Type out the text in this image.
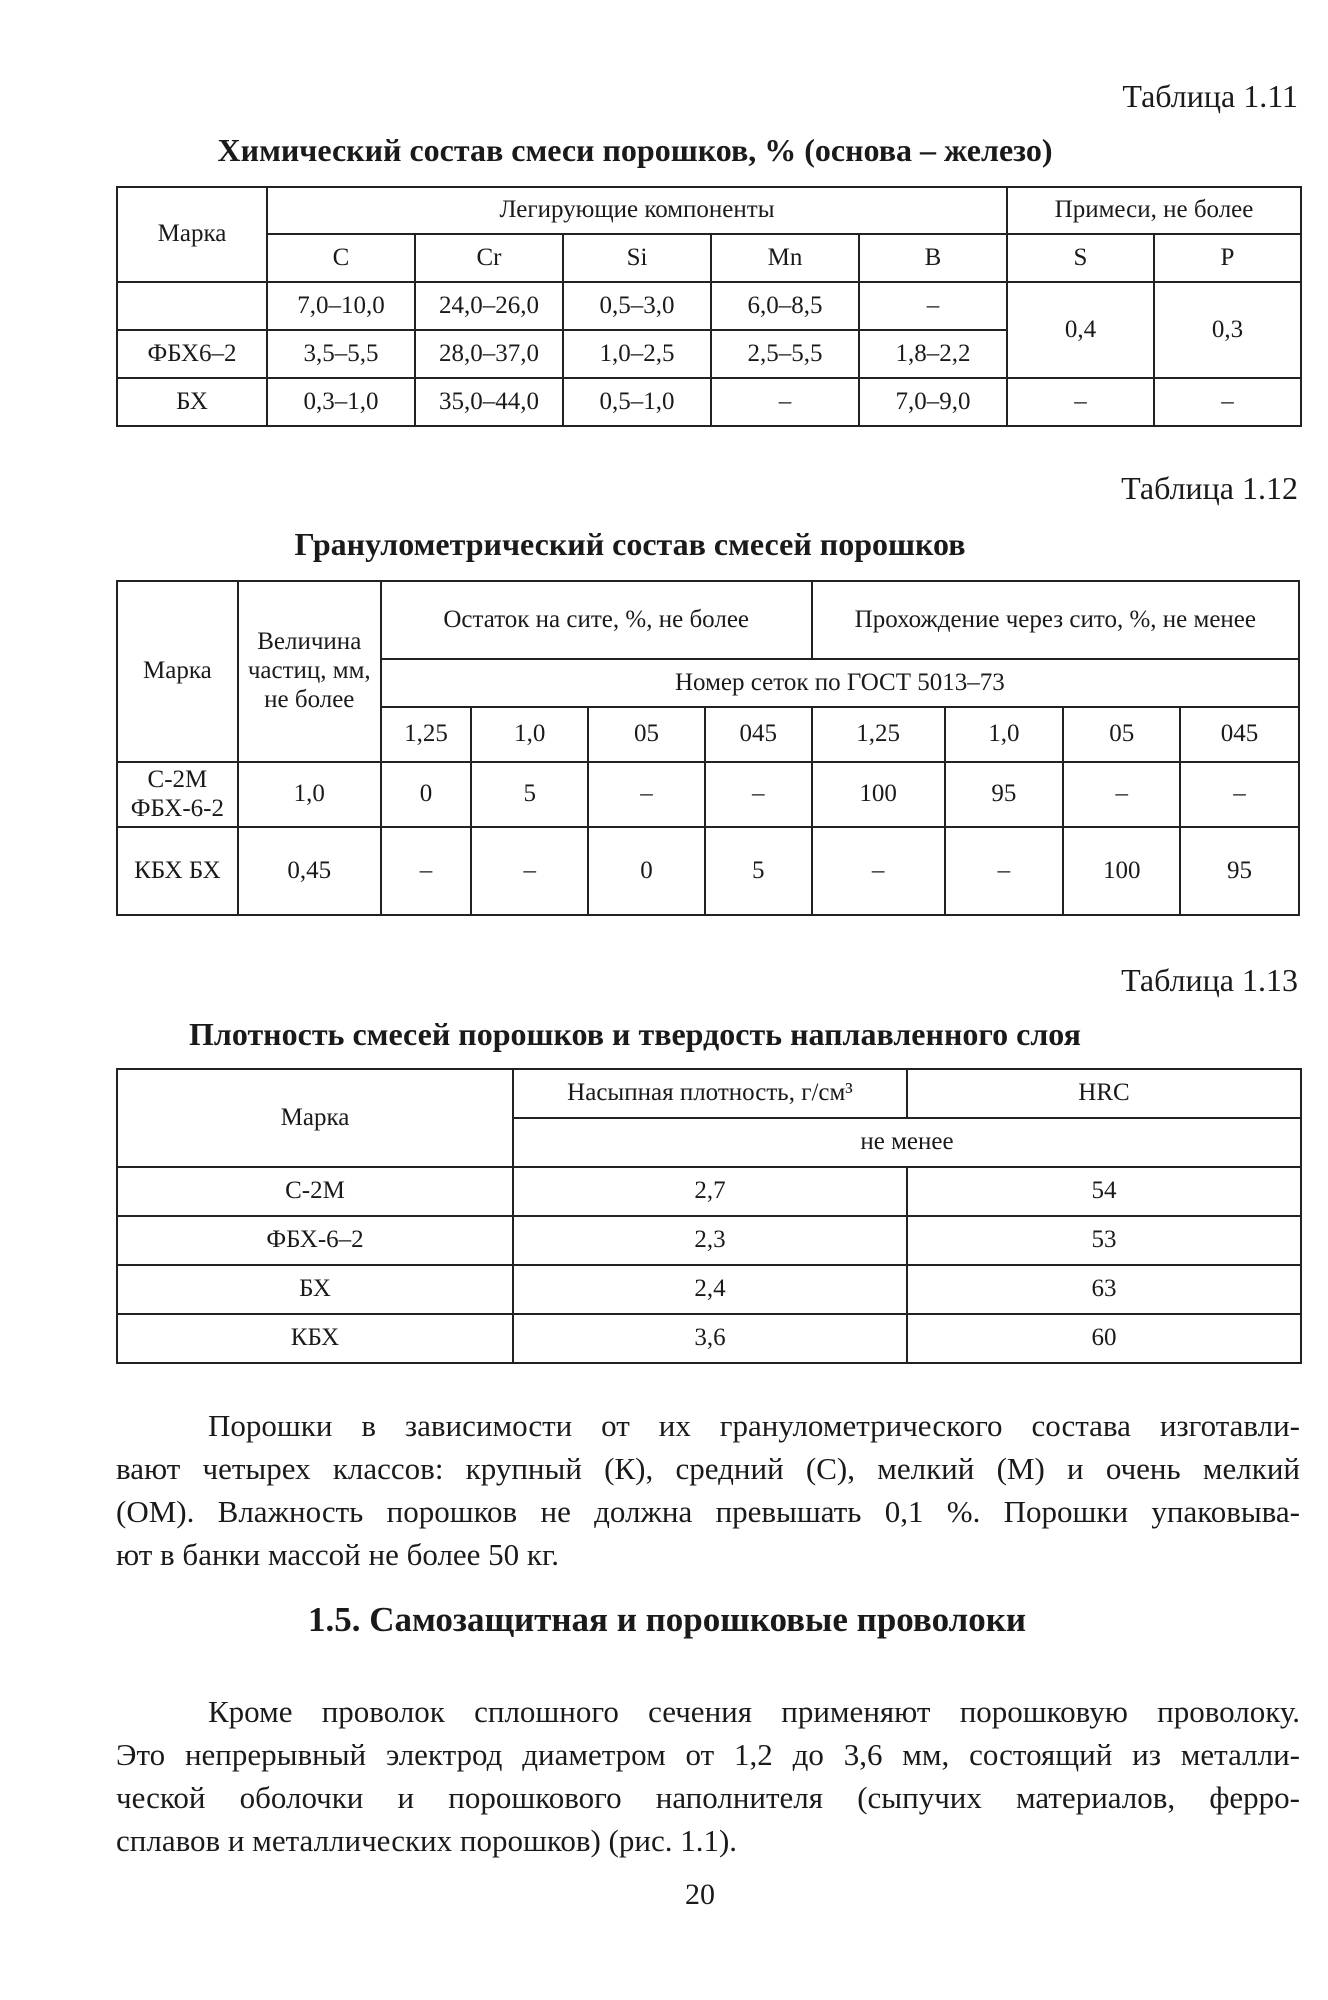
Таблица 1.11
Химический состав смеси порошков, % (основа – железо)
Марка	Легирующие компоненты					Примеси, не более	
	C	Cr	Si	Mn	B	S	P
	7,0–10,0	24,0–26,0	0,5–3,0	6,0–8,5	–	0,4	0,3
ФБХ6–2	3,5–5,5	28,0–37,0	1,0–2,5	2,5–5,5	1,8–2,2		
БХ	0,3–1,0	35,0–44,0	0,5–1,0	–	7,0–9,0	–	–
Таблица 1.12
Гранулометрический состав смесей порошков
Марка	Величина частиц, мм, не более	Остаток на сите, %, не более				Прохождение через сито, %, не менее			
		Номер сеток по ГОСТ 5013–73							
		1,25	1,0	05	045	1,25	1,0	05	045
С-2М ФБХ-6-2	1,0	0	5	–	–	100	95	–	–
КБХ БХ	0,45	–	–	0	5	–	–	100	95
Таблица 1.13
Плотность смесей порошков и твердость наплавленного слоя
Марка	Насыпная плотность, г/см³	HRC
	не менее	
С-2М	2,7	54
ФБХ-6–2	2,3	53
БХ	2,4	63
КБХ	3,6	60
Порошки в зависимости от их гранулометрического состава изготавли-
вают четырех классов: крупный (К), средний (С), мелкий (М) и очень мелкий
(ОМ). Влажность порошков не должна превышать 0,1 %. Порошки упаковыва-
ют в банки массой не более 50 кг.
1.5. Самозащитная и порошковые проволоки
Кроме проволок сплошного сечения применяют порошковую проволоку.
Это непрерывный электрод диаметром от 1,2 до 3,6 мм, состоящий из металли-
ческой оболочки и порошкового наполнителя (сыпучих материалов, ферро-
сплавов и металлических порошков) (рис. 1.1).
20
